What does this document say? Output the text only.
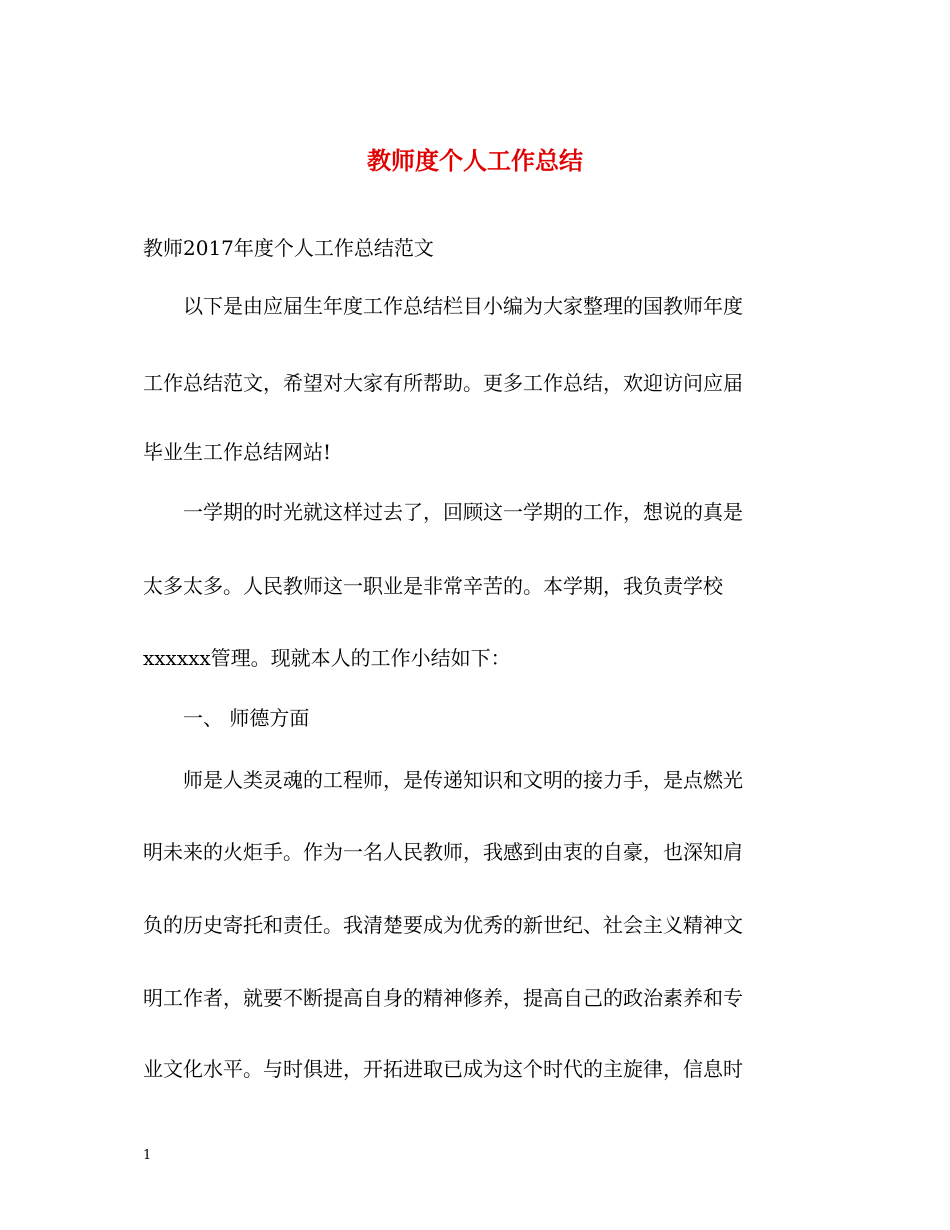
教师度个人工作总结
教师2017年度个人工作总结范文
以下是由应届生年度工作总结栏目小编为大家整理的国教师年度
工作总结范文，希望对大家有所帮助。更多工作总结，欢迎访问应届
毕业生工作总结网站!
一学期的时光就这样过去了，回顾这一学期的工作，想说的真是
太多太多。人民教师这一职业是非常辛苦的。本学期，我负责学校
xxxxxx管理。现就本人的工作小结如下：
一、 师德方面
师是人类灵魂的工程师，是传递知识和文明的接力手，是点燃光
明未来的火炬手。作为一名人民教师，我感到由衷的自豪，也深知肩
负的历史寄托和责任。我清楚要成为优秀的新世纪、社会主义精神文
明工作者，就要不断提高自身的精神修养，提高自己的政治素养和专
业文化水平。与时俱进，开拓进取已成为这个时代的主旋律，信息时
1
